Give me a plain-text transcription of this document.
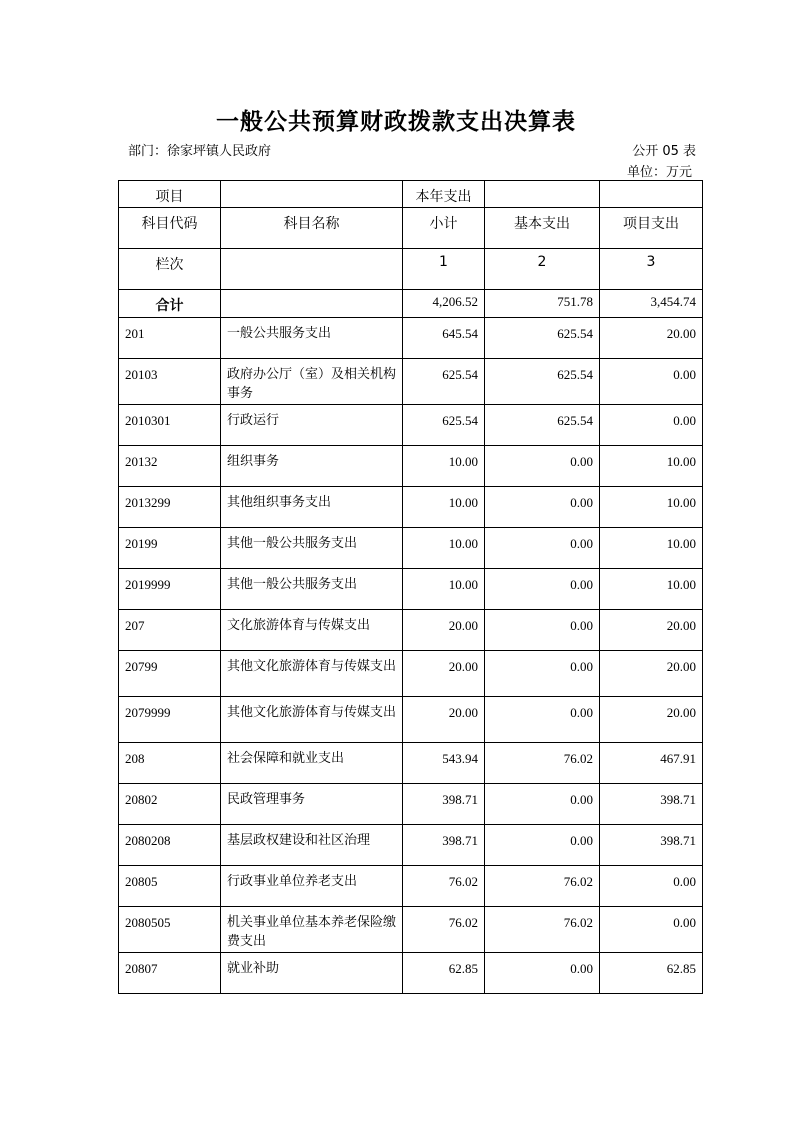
一般公共预算财政拨款支出决算表
部门：徐家坪镇人民政府	公开 05 表
单位：万元
项目		本年支出		
科目代码	科目名称	小计	基本支出	项目支出
栏次		1	2	3
合计		4,206.52	751.78	3,454.74
201	一般公共服务支出	645.54	625.54	20.00
20103	政府办公厅（室）及相关机构事务	625.54	625.54	0.00
2010301	行政运行	625.54	625.54	0.00
20132	组织事务	10.00	0.00	10.00
2013299	其他组织事务支出	10.00	0.00	10.00
20199	其他一般公共服务支出	10.00	0.00	10.00
2019999	其他一般公共服务支出	10.00	0.00	10.00
207	文化旅游体育与传媒支出	20.00	0.00	20.00
20799	其他文化旅游体育与传媒支出	20.00	0.00	20.00
2079999	其他文化旅游体育与传媒支出	20.00	0.00	20.00
208	社会保障和就业支出	543.94	76.02	467.91
20802	民政管理事务	398.71	0.00	398.71
2080208	基层政权建设和社区治理	398.71	0.00	398.71
20805	行政事业单位养老支出	76.02	76.02	0.00
2080505	机关事业单位基本养老保险缴费支出	76.02	76.02	0.00
20807	就业补助	62.85	0.00	62.85
